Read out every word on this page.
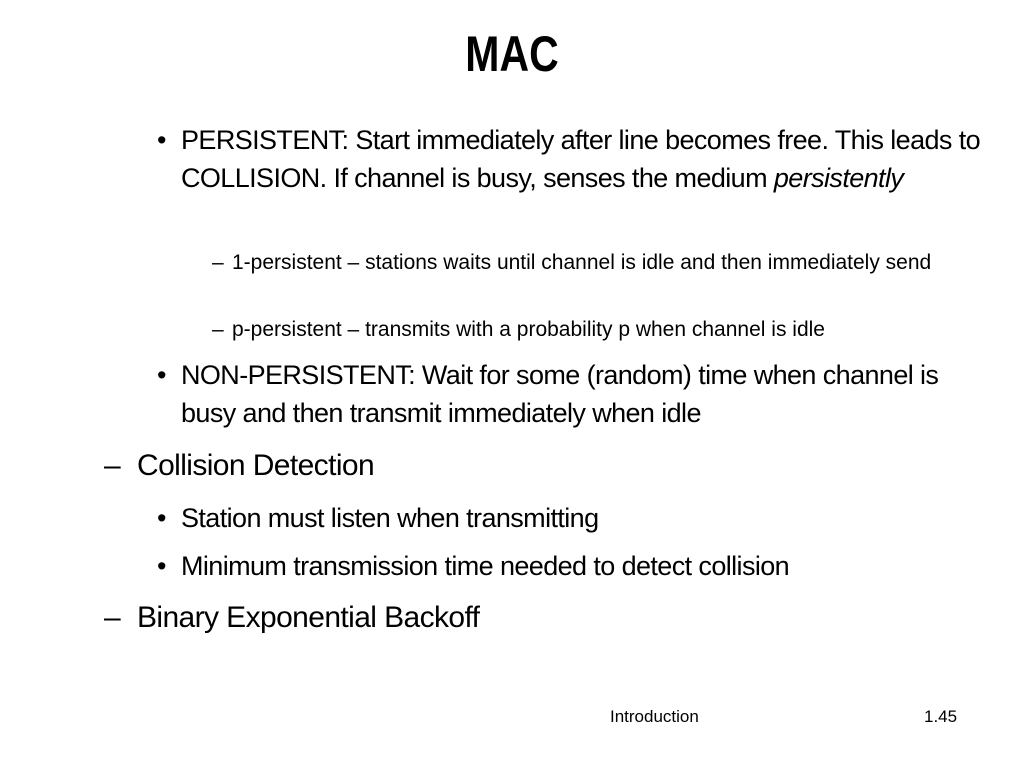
MAC
• PERSISTENT: Start immediately after line becomes free. This leads to COLLISION. If channel is busy, senses the medium persistently
– 1-persistent – stations waits until channel is idle and then immediately send
– p-persistent – transmits with a probability p when channel is idle
• NON-PERSISTENT: Wait for some (random) time when channel is busy and then transmit immediately when idle
– Collision Detection
• Station must listen when transmitting
• Minimum transmission time needed to detect collision
– Binary Exponential Backoff
Introduction	1.45
